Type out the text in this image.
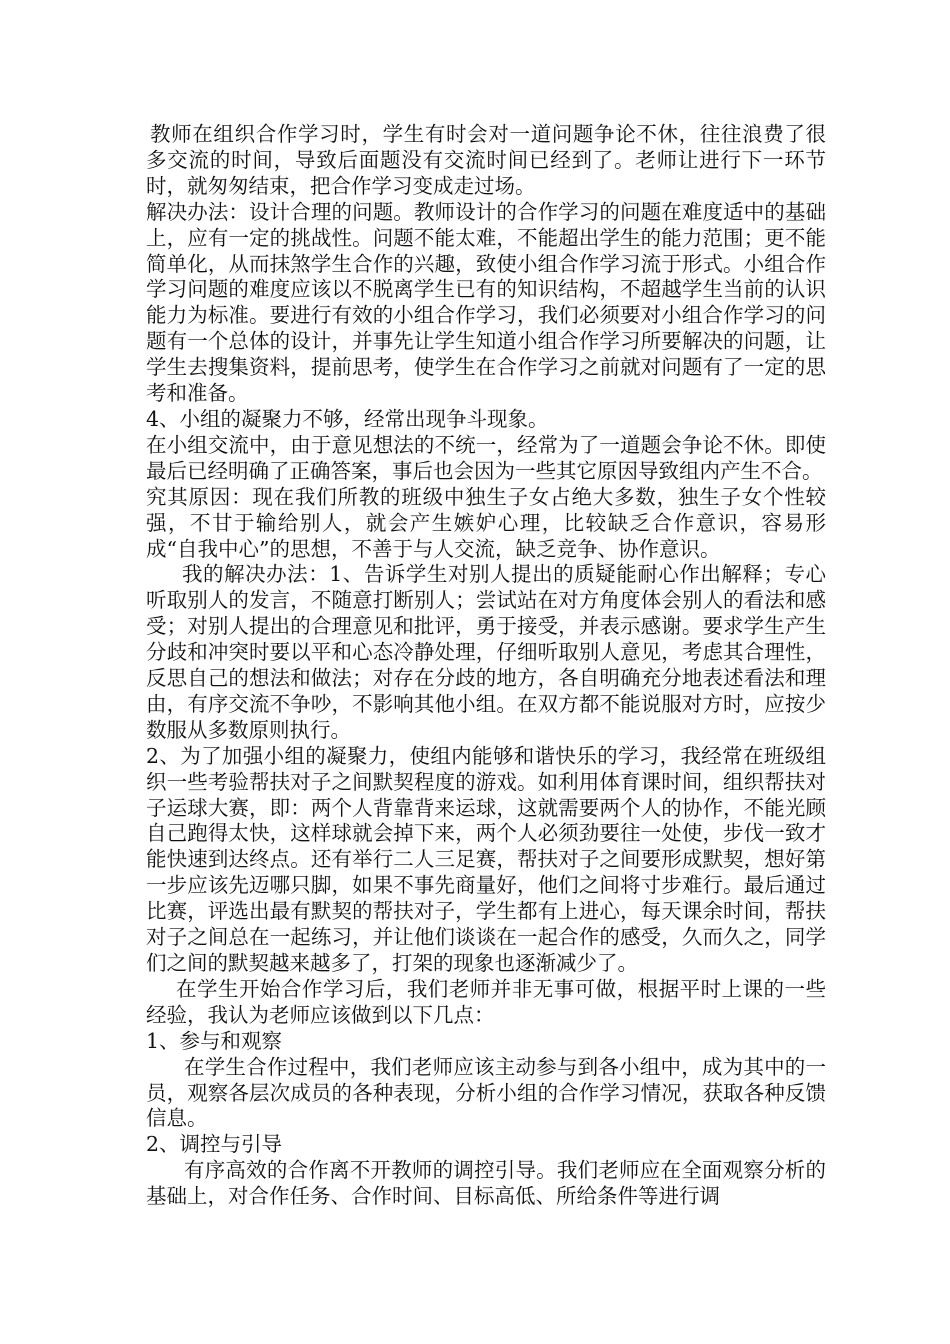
教师在组织合作学习时，学生有时会对一道问题争论不休，往往浪费了很多交流的时间，导致后面题没有交流时间已经到了。老师让进行下一环节时，就匆匆结束，把合作学习变成走过场。

解决办法：设计合理的问题。教师设计的合作学习的问题在难度适中的基础上，应有一定的挑战性。问题不能太难，不能超出学生的能力范围；更不能简单化，从而抹煞学生合作的兴趣，致使小组合作学习流于形式。小组合作学习问题的难度应该以不脱离学生已有的知识结构，不超越学生当前的认识能力为标准。要进行有效的小组合作学习，我们必须要对小组合作学习的问题有一个总体的设计，并事先让学生知道小组合作学习所要解决的问题，让学生去搜集资料，提前思考，使学生在合作学习之前就对问题有了一定的思考和准备。

4、小组的凝聚力不够，经常出现争斗现象。

在小组交流中，由于意见想法的不统一，经常为了一道题会争论不休。即使最后已经明确了正确答案，事后也会因为一些其它原因导致组内产生不合。

究其原因：现在我们所教的班级中独生子女占绝大多数，独生子女个性较强，不甘于输给别人，就会产生嫉妒心理，比较缺乏合作意识，容易形成“自我中心”的思想，不善于与人交流，缺乏竞争、协作意识。

我的解决办法：1、告诉学生对别人提出的质疑能耐心作出解释；专心听取别人的发言，不随意打断别人；尝试站在对方角度体会别人的看法和感受；对别人提出的合理意见和批评，勇于接受，并表示感谢。要求学生产生分歧和冲突时要以平和心态冷静处理，仔细听取别人意见，考虑其合理性，反思自己的想法和做法；对存在分歧的地方，各自明确充分地表述看法和理由，有序交流不争吵，不影响其他小组。在双方都不能说服对方时，应按少数服从多数原则执行。

2、为了加强小组的凝聚力，使组内能够和谐快乐的学习，我经常在班级组织一些考验帮扶对子之间默契程度的游戏。如利用体育课时间，组织帮扶对子运球大赛，即：两个人背靠背来运球，这就需要两个人的协作，不能光顾自己跑得太快，这样球就会掉下来，两个人必须劲要往一处使，步伐一致才能快速到达终点。还有举行二人三足赛，帮扶对子之间要形成默契，想好第一步应该先迈哪只脚，如果不事先商量好，他们之间将寸步难行。最后通过比赛，评选出最有默契的帮扶对子，学生都有上进心，每天课余时间，帮扶对子之间总在一起练习，并让他们谈谈在一起合作的感受，久而久之，同学们之间的默契越来越多了，打架的现象也逐渐减少了。

在学生开始合作学习后，我们老师并非无事可做，根据平时上课的一些经验，我认为老师应该做到以下几点：

1、参与和观察

在学生合作过程中，我们老师应该主动参与到各小组中，成为其中的一员，观察各层次成员的各种表现，分析小组的合作学习情况，获取各种反馈信息。

2、调控与引导

有序高效的合作离不开教师的调控引导。我们老师应在全面观察分析的基础上，对合作任务、合作时间、目标高低、所给条件等进行调
